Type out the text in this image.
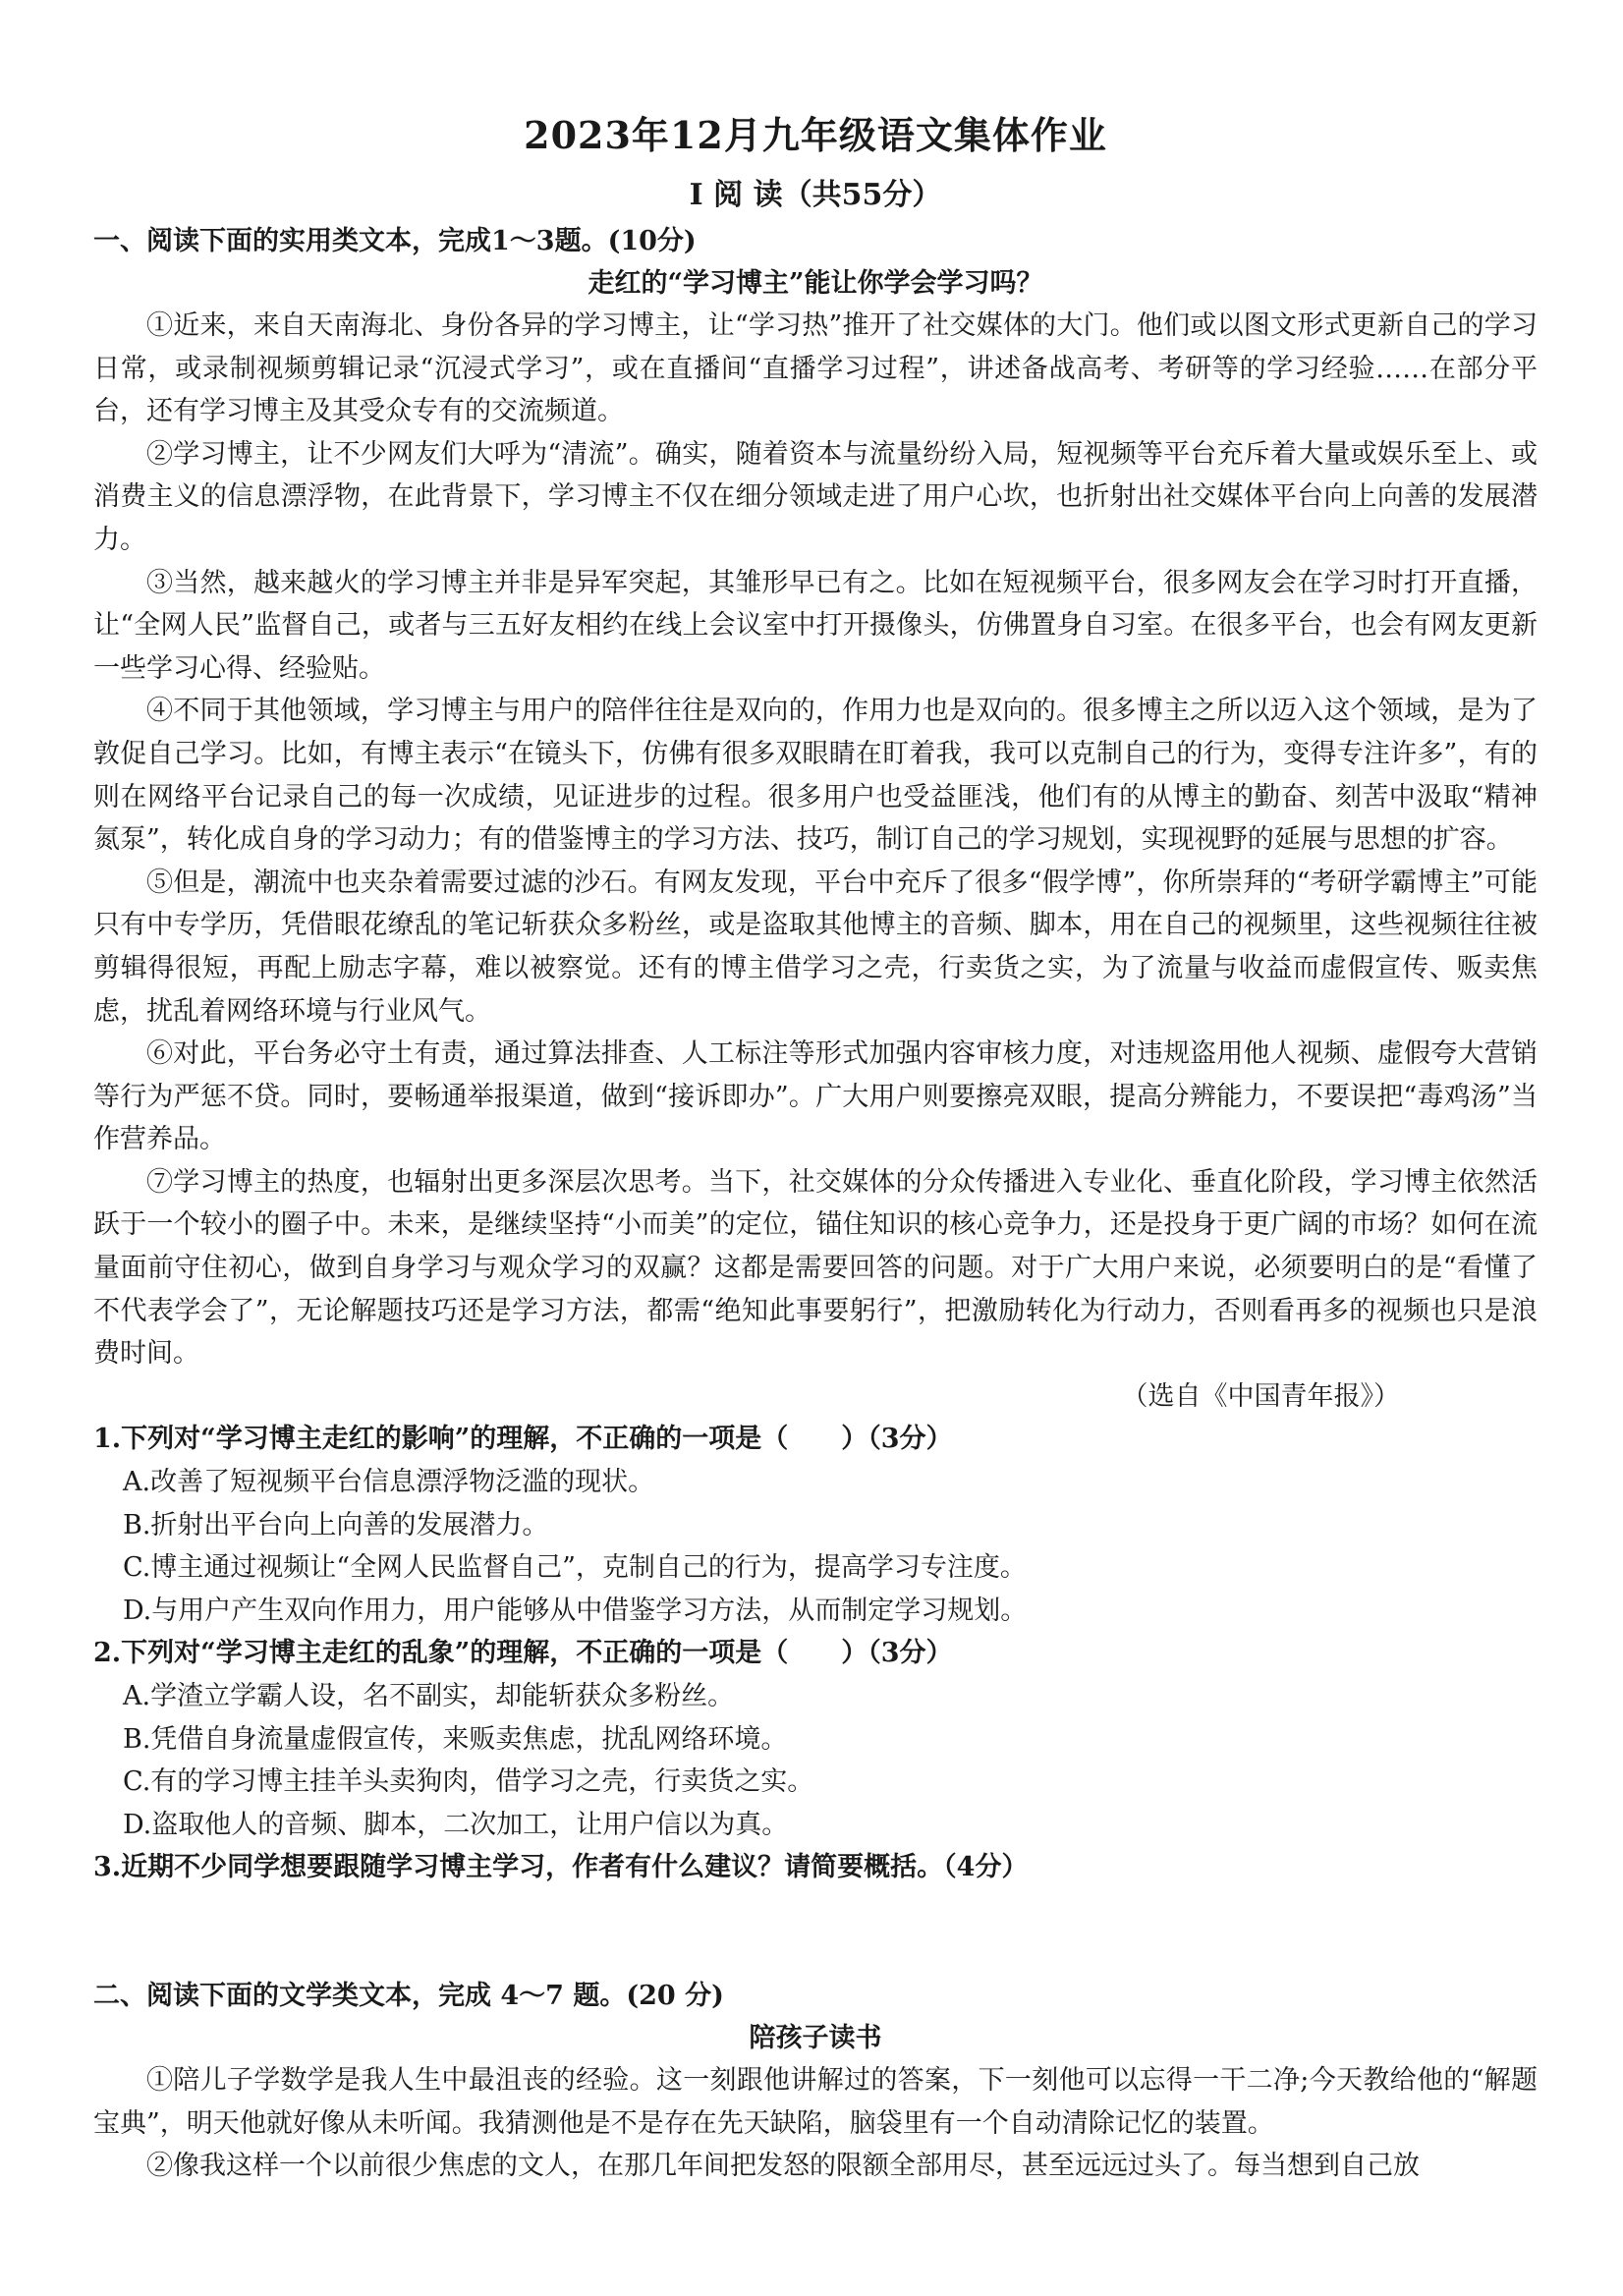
2023年12月九年级语文集体作业
Ⅰ 阅 读（共55分）

一、阅读下面的实用类文本，完成1～3题。(10分)

走红的“学习博主”能让你学会学习吗？

①近来，来自天南海北、身份各异的学习博主，让“学习热”推开了社交媒体的大门。他们或以图文形式更新自己的学习日常，或录制视频剪辑记录“沉浸式学习”，或在直播间“直播学习过程”，讲述备战高考、考研等的学习经验……在部分平台，还有学习博主及其受众专有的交流频道。

②学习博主，让不少网友们大呼为“清流”。确实，随着资本与流量纷纷入局，短视频等平台充斥着大量或娱乐至上、或消费主义的信息漂浮物，在此背景下，学习博主不仅在细分领域走进了用户心坎，也折射出社交媒体平台向上向善的发展潜力。

③当然，越来越火的学习博主并非是异军突起，其雏形早已有之。比如在短视频平台，很多网友会在学习时打开直播，让“全网人民”监督自己，或者与三五好友相约在线上会议室中打开摄像头，仿佛置身自习室。在很多平台，也会有网友更新一些学习心得、经验贴。

④不同于其他领域，学习博主与用户的陪伴往往是双向的，作用力也是双向的。很多博主之所以迈入这个领域，是为了敦促自己学习。比如，有博主表示“在镜头下，仿佛有很多双眼睛在盯着我，我可以克制自己的行为，变得专注许多”，有的则在网络平台记录自己的每一次成绩，见证进步的过程。很多用户也受益匪浅，他们有的从博主的勤奋、刻苦中汲取“精神氮泵”，转化成自身的学习动力；有的借鉴博主的学习方法、技巧，制订自己的学习规划，实现视野的延展与思想的扩容。

⑤但是，潮流中也夹杂着需要过滤的沙石。有网友发现，平台中充斥了很多“假学博”，你所崇拜的“考研学霸博主”可能只有中专学历，凭借眼花缭乱的笔记斩获众多粉丝，或是盗取其他博主的音频、脚本，用在自己的视频里，这些视频往往被剪辑得很短，再配上励志字幕，难以被察觉。还有的博主借学习之壳，行卖货之实，为了流量与收益而虚假宣传、贩卖焦虑，扰乱着网络环境与行业风气。

⑥对此，平台务必守土有责，通过算法排查、人工标注等形式加强内容审核力度，对违规盗用他人视频、虚假夸大营销等行为严惩不贷。同时，要畅通举报渠道，做到“接诉即办”。广大用户则要擦亮双眼，提高分辨能力，不要误把“毒鸡汤”当作营养品。

⑦学习博主的热度，也辐射出更多深层次思考。当下，社交媒体的分众传播进入专业化、垂直化阶段，学习博主依然活跃于一个较小的圈子中。未来，是继续坚持“小而美”的定位，锚住知识的核心竞争力，还是投身于更广阔的市场？如何在流量面前守住初心，做到自身学习与观众学习的双赢？这都是需要回答的问题。对于广大用户来说，必须要明白的是“看懂了不代表学会了”，无论解题技巧还是学习方法，都需“绝知此事要躬行”，把激励转化为行动力，否则看再多的视频也只是浪费时间。

（选自《中国青年报》）

1.下列对“学习博主走红的影响”的理解，不正确的一项是（　　）（3分）

A.改善了短视频平台信息漂浮物泛滥的现状。

B.折射出平台向上向善的发展潜力。

C.博主通过视频让“全网人民监督自己”，克制自己的行为，提高学习专注度。

D.与用户产生双向作用力，用户能够从中借鉴学习方法，从而制定学习规划。

2.下列对“学习博主走红的乱象”的理解，不正确的一项是（　　）（3分）

A.学渣立学霸人设，名不副实，却能斩获众多粉丝。

B.凭借自身流量虚假宣传，来贩卖焦虑，扰乱网络环境。

C.有的学习博主挂羊头卖狗肉，借学习之壳，行卖货之实。

D.盗取他人的音频、脚本，二次加工，让用户信以为真。

3.近期不少同学想要跟随学习博主学习，作者有什么建议？请简要概括。（4分）

二、阅读下面的文学类文本，完成 4～7 题。(20 分)

陪孩子读书

①陪儿子学数学是我人生中最沮丧的经验。这一刻跟他讲解过的答案，下一刻他可以忘得一干二净;今天教给他的“解题宝典”，明天他就好像从未听闻。我猜测他是不是存在先天缺陷，脑袋里有一个自动清除记忆的装置。

②像我这样一个以前很少焦虑的文人，在那几年间把发怒的限额全部用尽，甚至远远过头了。每当想到自己放
